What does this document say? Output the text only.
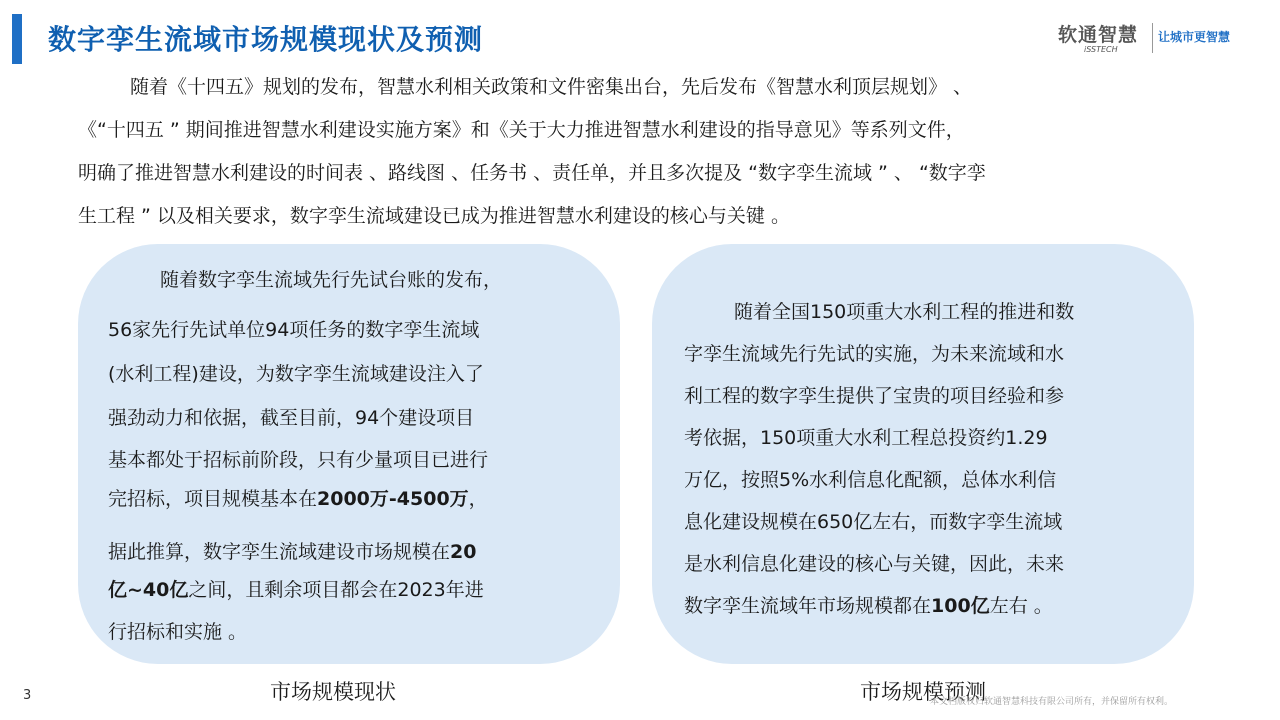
数字孪生流域市场规模现状及预测	软通智慧
iSSTECH
让城市更智慧
随着《十四五》规划的发布，智慧水利相关政策和文件密集出台，先后发布《智慧水利顶层规划》 、
《“十四五 ” 期间推进智慧水利建设实施方案》和《关于大力推进智慧水利建设的指导意见》等系列文件，
明确了推进智慧水利建设的时间表 、路线图 、任务书 、责任单，并且多次提及 “数字孪生流域 ” 、 “数字孪
生工程 ” 以及相关要求，数字孪生流域建设已成为推进智慧水利建设的核心与关键 。
随着数字孪生流域先行先试台账的发布，
56家先行先试单位94项任务的数字孪生流域
(水利工程)建设，为数字孪生流域建设注入了
强劲动力和依据，截至目前，94个建设项目
基本都处于招标前阶段，只有少量项目已进行
完招标，项目规模基本在2000万-4500万，
据此推算，数字孪生流域建设市场规模在20
亿~40亿之间，且剩余项目都会在2023年进
行招标和实施 。
随着全国150项重大水利工程的推进和数
字孪生流域先行先试的实施，为未来流域和水
利工程的数字孪生提供了宝贵的项目经验和参
考依据，150项重大水利工程总投资约1.29
万亿，按照5%水利信息化配额，总体水利信
息化建设规模在650亿左右，而数字孪生流域
是水利信息化建设的核心与关键，因此，未来
数字孪生流域年市场规模都在100亿左右 。
市场规模现状	市场规模预测
3	本文档版权归软通智慧科技有限公司所有，并保留所有权利。
